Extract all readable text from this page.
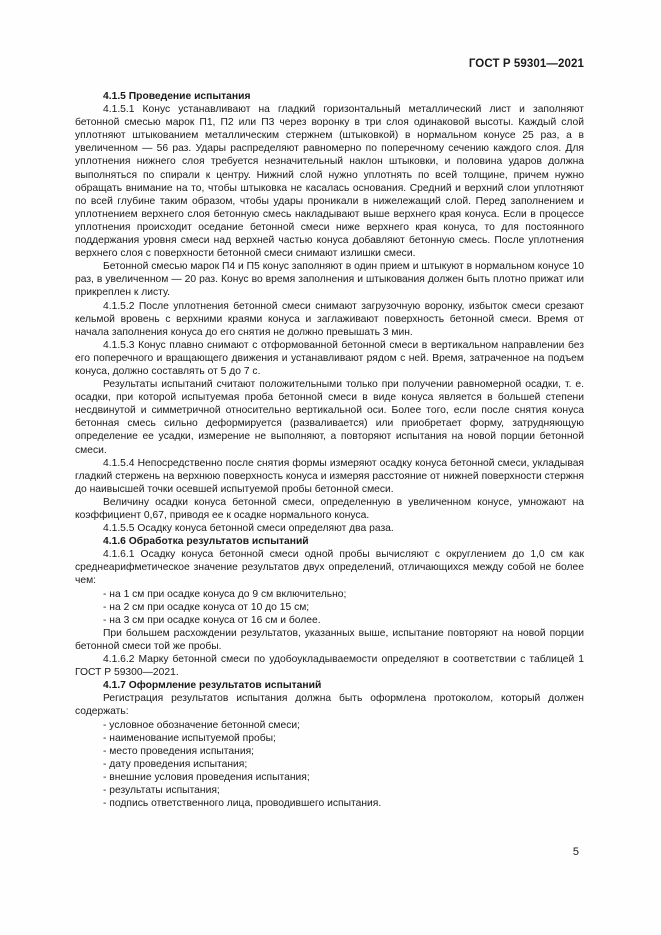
ГОСТ Р 59301—2021

4.1.5 Проведение испытания

4.1.5.1 Конус устанавливают на гладкий горизонтальный металлический лист и заполняют бетонной смесью марок П1, П2 или П3 через воронку в три слоя одинаковой высоты. Каждый слой уплотняют штыкованием металлическим стержнем (штыковкой) в нормальном конусе 25 раз, а в увеличенном — 56 раз. Удары распределяют равномерно по поперечному сечению каждого слоя. Для уплотнения нижнего слоя требуется незначительный наклон штыковки, и половина ударов должна выполняться по спирали к центру. Нижний слой нужно уплотнять по всей толщине, причем нужно обращать внимание на то, чтобы штыковка не касалась основания. Средний и верхний слои уплотняют по всей глубине таким образом, чтобы удары проникали в нижележащий слой. Перед заполнением и уплотнением верхнего слоя бетонную смесь накладывают выше верхнего края конуса. Если в процессе уплотнения происходит оседание бетонной смеси ниже верхнего края конуса, то для постоянного поддержания уровня смеси над верхней частью конуса добавляют бетонную смесь. После уплотнения верхнего слоя с поверхности бетонной смеси снимают излишки смеси.

Бетонной смесью марок П4 и П5 конус заполняют в один прием и штыкуют в нормальном конусе 10 раз, в увеличенном — 20 раз. Конус во время заполнения и штыкования должен быть плотно прижат или прикреплен к листу.

4.1.5.2 После уплотнения бетонной смеси снимают загрузочную воронку, избыток смеси срезают кельмой вровень с верхними краями конуса и заглаживают поверхность бетонной смеси. Время от начала заполнения конуса до его снятия не должно превышать 3 мин.

4.1.5.3 Конус плавно снимают с отформованной бетонной смеси в вертикальном направлении без его поперечного и вращающего движения и устанавливают рядом с ней. Время, затраченное на подъем конуса, должно составлять от 5 до 7 с.

Результаты испытаний считают положительными только при получении равномерной осадки, т. е. осадки, при которой испытуемая проба бетонной смеси в виде конуса является в большей степени несдвинутой и симметричной относительно вертикальной оси. Более того, если после снятия конуса бетонная смесь сильно деформируется (разваливается) или приобретает форму, затрудняющую определение ее усадки, измерение не выполняют, а повторяют испытания на новой порции бетонной смеси.

4.1.5.4 Непосредственно после снятия формы измеряют осадку конуса бетонной смеси, укладывая гладкий стержень на верхнюю поверхность конуса и измеряя расстояние от нижней поверхности стержня до наивысшей точки осевшей испытуемой пробы бетонной смеси.

Величину осадки конуса бетонной смеси, определенную в увеличенном конусе, умножают на коэффициент 0,67, приводя ее к осадке нормального конуса.

4.1.5.5 Осадку конуса бетонной смеси определяют два раза.

4.1.6 Обработка результатов испытаний

4.1.6.1 Осадку конуса бетонной смеси одной пробы вычисляют с округлением до 1,0 см как среднеарифметическое значение результатов двух определений, отличающихся между собой не более чем:

- на 1 см при осадке конуса до 9 см включительно;

- на 2 см при осадке конуса от 10 до 15 см;

- на 3 см при осадке конуса от 16 см и более.

При большем расхождении результатов, указанных выше, испытание повторяют на новой порции бетонной смеси той же пробы.

4.1.6.2 Марку бетонной смеси по удобоукладываемости определяют в соответствии с таблицей 1 ГОСТ Р 59300—2021.

4.1.7 Оформление результатов испытаний

Регистрация результатов испытания должна быть оформлена протоколом, который должен содержать:

- условное обозначение бетонной смеси;

- наименование испытуемой пробы;

- место проведения испытания;

- дату проведения испытания;

- внешние условия проведения испытания;

- результаты испытания;

- подпись ответственного лица, проводившего испытания.

5
